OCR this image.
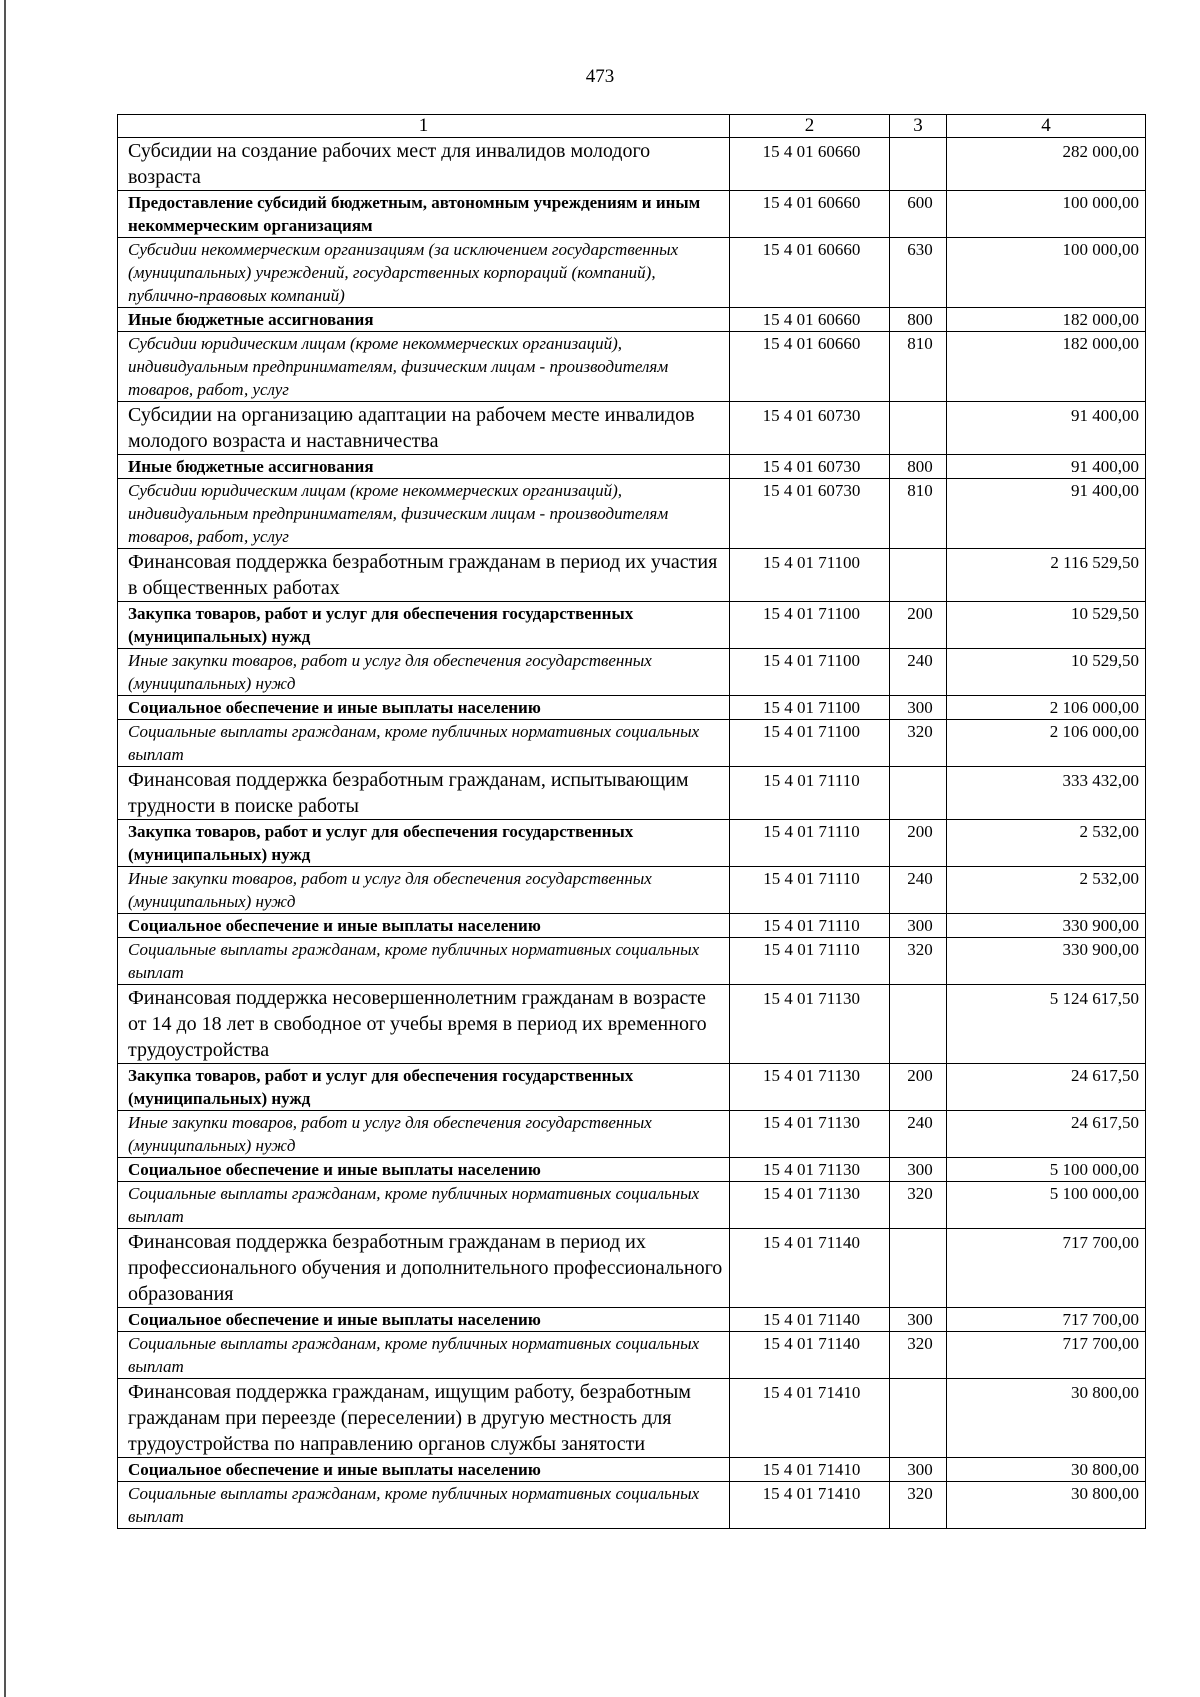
473
1	2	3	4
Субсидии на создание рабочих мест для инвалидов молодого возраста	15 4 01 60660		282 000,00
Предоставление субсидий бюджетным, автономным учреждениям и иным некоммерческим организациям	15 4 01 60660	600	100 000,00
Субсидии некоммерческим организациям (за исключением государственных (муниципальных) учреждений, государственных корпораций (компаний), публично-правовых компаний)	15 4 01 60660	630	100 000,00
Иные бюджетные ассигнования	15 4 01 60660	800	182 000,00
Субсидии юридическим лицам (кроме некоммерческих организаций), индивидуальным предпринимателям, физическим лицам - производителям товаров, работ, услуг	15 4 01 60660	810	182 000,00
Субсидии на организацию адаптации на рабочем месте инвалидов молодого возраста и наставничества	15 4 01 60730		91 400,00
Иные бюджетные ассигнования	15 4 01 60730	800	91 400,00
Субсидии юридическим лицам (кроме некоммерческих организаций), индивидуальным предпринимателям, физическим лицам - производителям товаров, работ, услуг	15 4 01 60730	810	91 400,00
Финансовая поддержка безработным гражданам в период их участия в общественных работах	15 4 01 71100		2 116 529,50
Закупка товаров, работ и услуг для обеспечения государственных (муниципальных) нужд	15 4 01 71100	200	10 529,50
Иные закупки товаров, работ и услуг для обеспечения государственных (муниципальных) нужд	15 4 01 71100	240	10 529,50
Социальное обеспечение и иные выплаты населению	15 4 01 71100	300	2 106 000,00
Социальные выплаты гражданам, кроме публичных нормативных социальных выплат	15 4 01 71100	320	2 106 000,00
Финансовая поддержка безработным гражданам, испытывающим трудности в поиске работы	15 4 01 71110		333 432,00
Закупка товаров, работ и услуг для обеспечения государственных (муниципальных) нужд	15 4 01 71110	200	2 532,00
Иные закупки товаров, работ и услуг для обеспечения государственных (муниципальных) нужд	15 4 01 71110	240	2 532,00
Социальное обеспечение и иные выплаты населению	15 4 01 71110	300	330 900,00
Социальные выплаты гражданам, кроме публичных нормативных социальных выплат	15 4 01 71110	320	330 900,00
Финансовая поддержка несовершеннолетним гражданам в возрасте от 14 до 18 лет в свободное от учебы время в период их временного трудоустройства	15 4 01 71130		5 124 617,50
Закупка товаров, работ и услуг для обеспечения государственных (муниципальных) нужд	15 4 01 71130	200	24 617,50
Иные закупки товаров, работ и услуг для обеспечения государственных (муниципальных) нужд	15 4 01 71130	240	24 617,50
Социальное обеспечение и иные выплаты населению	15 4 01 71130	300	5 100 000,00
Социальные выплаты гражданам, кроме публичных нормативных социальных выплат	15 4 01 71130	320	5 100 000,00
Финансовая поддержка безработным гражданам в период их профессионального обучения и дополнительного профессионального образования	15 4 01 71140		717 700,00
Социальное обеспечение и иные выплаты населению	15 4 01 71140	300	717 700,00
Социальные выплаты гражданам, кроме публичных нормативных социальных выплат	15 4 01 71140	320	717 700,00
Финансовая поддержка гражданам, ищущим работу, безработным гражданам при переезде (переселении) в другую местность для трудоустройства по направлению органов службы занятости	15 4 01 71410		30 800,00
Социальное обеспечение и иные выплаты населению	15 4 01 71410	300	30 800,00
Социальные выплаты гражданам, кроме публичных нормативных социальных выплат	15 4 01 71410	320	30 800,00
